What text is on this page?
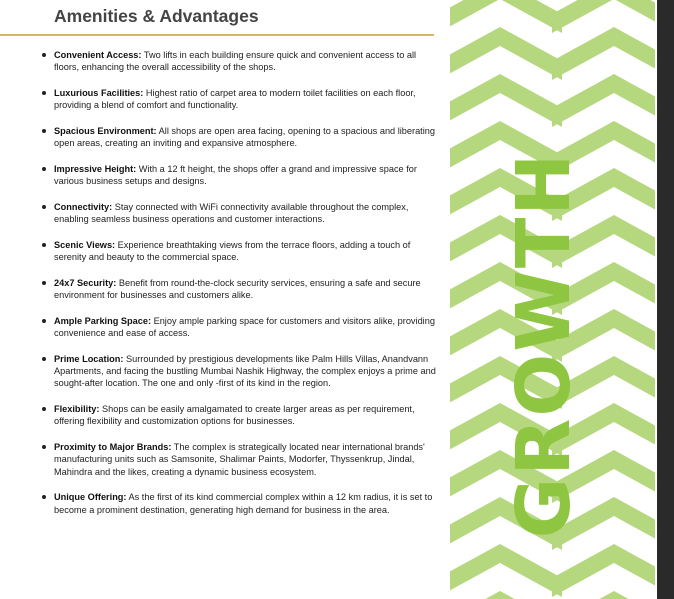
Amenities & Advantages
Convenient Access: Two lifts in each building ensure quick and convenient access to all floors, enhancing the overall accessibility of the shops.
Luxurious Facilities: Highest ratio of carpet area to modern toilet facilities on each floor, providing a blend of comfort and functionality.
Spacious Environment: All shops are open area facing, opening to a spacious and liberating open areas, creating an inviting and expansive atmosphere.
Impressive Height: With a 12 ft height, the shops offer a grand and impressive space for various business setups and designs.
Connectivity: Stay connected with WiFi connectivity available throughout the complex, enabling seamless business operations and customer interactions.
Scenic Views: Experience breathtaking views from the terrace floors, adding a touch of serenity and beauty to the commercial space.
24x7 Security: Benefit from round-the-clock security services, ensuring a safe and secure environment for businesses and customers alike.
Ample Parking Space: Enjoy ample parking space for customers and visitors alike, providing convenience and ease of access.
Prime Location: Surrounded by prestigious developments like Palm Hills Villas, Anandvann Apartments, and facing the bustling Mumbai Nashik Highway, the complex enjoys a prime and sought-after location. The one and only -first of its kind in the region.
Flexibility: Shops can be easily amalgamated to create larger areas as per requirement, offering flexibility and customization options for businesses.
Proximity to Major Brands: The complex is strategically located near international brands' manufacturing units such as Samsonite, Shalimar Paints, Modorfer, Thyssenkrup, Jindal, Mahindra and the likes, creating a dynamic business ecosystem.
Unique Offering: As the first of its kind commercial complex within a 12 km radius, it is set to become a prominent destination, generating high demand for business in the area.	GROWTH
